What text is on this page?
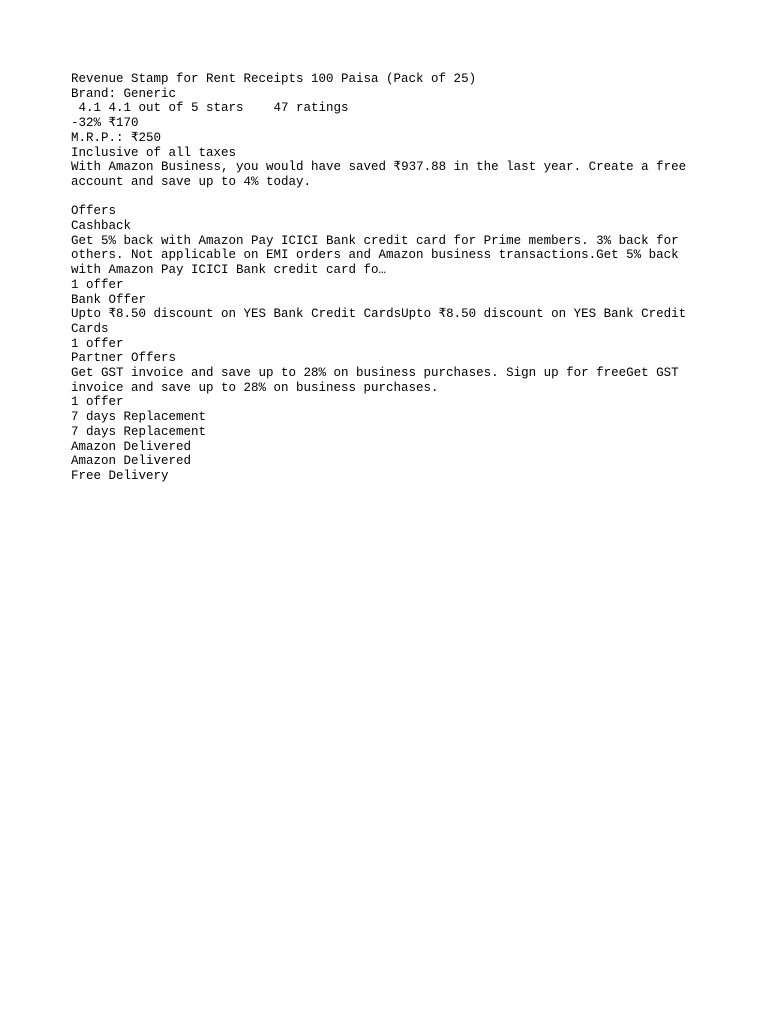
Revenue Stamp for Rent Receipts 100 Paisa (Pack of 25)
Brand: Generic
4.1 4.1 out of 5 stars    47 ratings
-32% ₹170
M.R.P.: ₹250
Inclusive of all taxes
With Amazon Business, you would have saved ₹937.88 in the last year. Create a free account and save up to 4% today.
Offers
Cashback
Get 5% back with Amazon Pay ICICI Bank credit card for Prime members. 3% back for others. Not applicable on EMI orders and Amazon business transactions.Get 5% back with Amazon Pay ICICI Bank credit card fo…
1 offer
Bank Offer
Upto ₹8.50 discount on YES Bank Credit CardsUpto ₹8.50 discount on YES Bank Credit Cards
1 offer
Partner Offers
Get GST invoice and save up to 28% on business purchases. Sign up for freeGet GST invoice and save up to 28% on business purchases.
1 offer
7 days Replacement
7 days Replacement
Amazon Delivered
Amazon Delivered
Free Delivery
